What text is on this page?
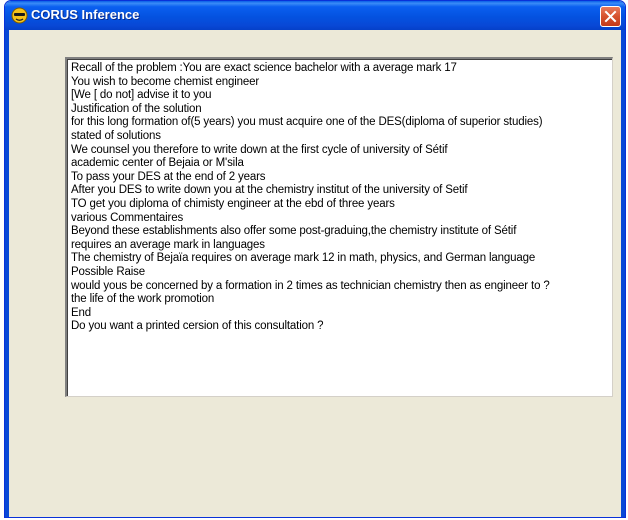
CORUS Inference
Recall of the problem :You are exact science bachelor with a average mark 17
You wish to become chemist engineer
[We [ do not] advise it to you
Justification of the solution
for this long formation of(5 years) you must acquire one of the DES(diploma of superior studies)
stated of solutions
We counsel you therefore to write down at the first cycle of university of Sétif
academic center of Bejaia or M'sila
To pass your DES at the end of 2 years
After you DES to write down you at the chemistry institut of the university of Setif
TO get you diploma of chimisty engineer at the ebd of three years
various Commentaires
Beyond these establishments also offer some post-graduing,the chemistry institute of Sétif
requires an average mark in languages
The chemistry of Bejaïa requires on average mark 12 in math, physics, and German language
Possible Raise
would yous be concerned by a formation in 2 times as technician chemistry then as engineer to ?
the life of the work promotion
End
Do you want a printed cersion of this consultation ?
